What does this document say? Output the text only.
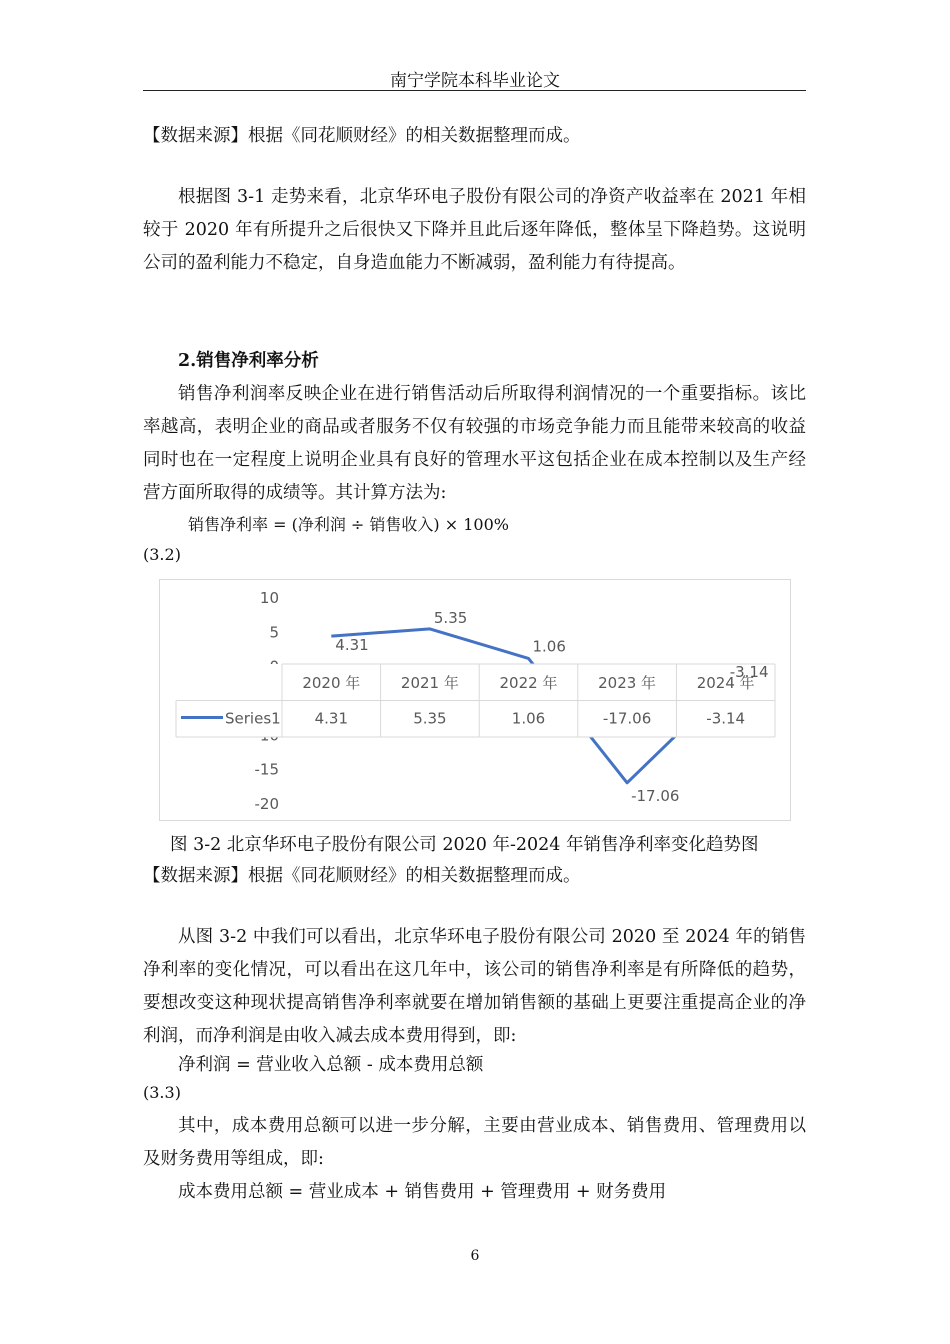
南宁学院本科毕业论文
【数据来源】根据《同花顺财经》的相关数据整理而成。
根据图 3-1 走势来看，北京华环电子股份有限公司的净资产收益率在 2021 年相较于 2020 年有所提升之后很快又下降并且此后逐年降低，整体呈下降趋势。这说明公司的盈利能力不稳定，自身造血能力不断减弱，盈利能力有待提高。
2.销售净利率分析
销售净利润率反映企业在进行销售活动后所取得利润情况的一个重要指标。该比率越高，表明企业的商品或者服务不仅有较强的市场竞争能力而且能带来较高的收益同时也在一定程度上说明企业具有良好的管理水平这包括企业在成本控制以及生产经营方面所取得的成绩等。其计算方法为:
销售净利率 = (净利润 ÷ 销售收入) × 100%
(3.2)
10
5
-15
-20
2020 年	2021 年	2022 年	2023 年	2024 年
Series1 4.31	5.35	1.06	-17.06	-3.14
4.31
5.35
1.06
-17.06
-3.14
图 3-2 北京华环电子股份有限公司 2020 年-2024 年销售净利率变化趋势图
【数据来源】根据《同花顺财经》的相关数据整理而成。
从图 3-2 中我们可以看出，北京华环电子股份有限公司 2020 至 2024 年的销售净利率的变化情况，可以看出在这几年中，该公司的销售净利率是有所降低的趋势，要想改变这种现状提高销售净利率就要在增加销售额的基础上更要注重提高企业的净利润，而净利润是由收入减去成本费用得到，即:
净利润 = 营业收入总额 - 成本费用总额
(3.3)
其中，成本费用总额可以进一步分解，主要由营业成本、销售费用、管理费用以及财务费用等组成，即:
成本费用总额 = 营业成本 + 销售费用 + 管理费用 + 财务费用
6
